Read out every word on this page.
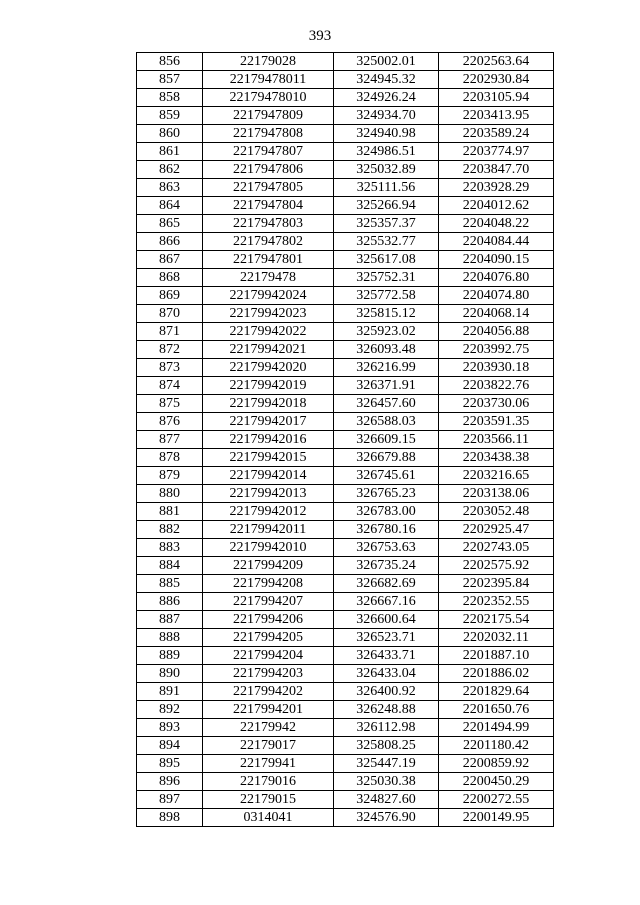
393
856	22179028	325002.01	2202563.64
857	22179478011	324945.32	2202930.84
858	22179478010	324926.24	2203105.94
859	2217947809	324934.70	2203413.95
860	2217947808	324940.98	2203589.24
861	2217947807	324986.51	2203774.97
862	2217947806	325032.89	2203847.70
863	2217947805	325111.56	2203928.29
864	2217947804	325266.94	2204012.62
865	2217947803	325357.37	2204048.22
866	2217947802	325532.77	2204084.44
867	2217947801	325617.08	2204090.15
868	22179478	325752.31	2204076.80
869	22179942024	325772.58	2204074.80
870	22179942023	325815.12	2204068.14
871	22179942022	325923.02	2204056.88
872	22179942021	326093.48	2203992.75
873	22179942020	326216.99	2203930.18
874	22179942019	326371.91	2203822.76
875	22179942018	326457.60	2203730.06
876	22179942017	326588.03	2203591.35
877	22179942016	326609.15	2203566.11
878	22179942015	326679.88	2203438.38
879	22179942014	326745.61	2203216.65
880	22179942013	326765.23	2203138.06
881	22179942012	326783.00	2203052.48
882	22179942011	326780.16	2202925.47
883	22179942010	326753.63	2202743.05
884	2217994209	326735.24	2202575.92
885	2217994208	326682.69	2202395.84
886	2217994207	326667.16	2202352.55
887	2217994206	326600.64	2202175.54
888	2217994205	326523.71	2202032.11
889	2217994204	326433.71	2201887.10
890	2217994203	326433.04	2201886.02
891	2217994202	326400.92	2201829.64
892	2217994201	326248.88	2201650.76
893	22179942	326112.98	2201494.99
894	22179017	325808.25	2201180.42
895	22179941	325447.19	2200859.92
896	22179016	325030.38	2200450.29
897	22179015	324827.60	2200272.55
898	0314041	324576.90	2200149.95
